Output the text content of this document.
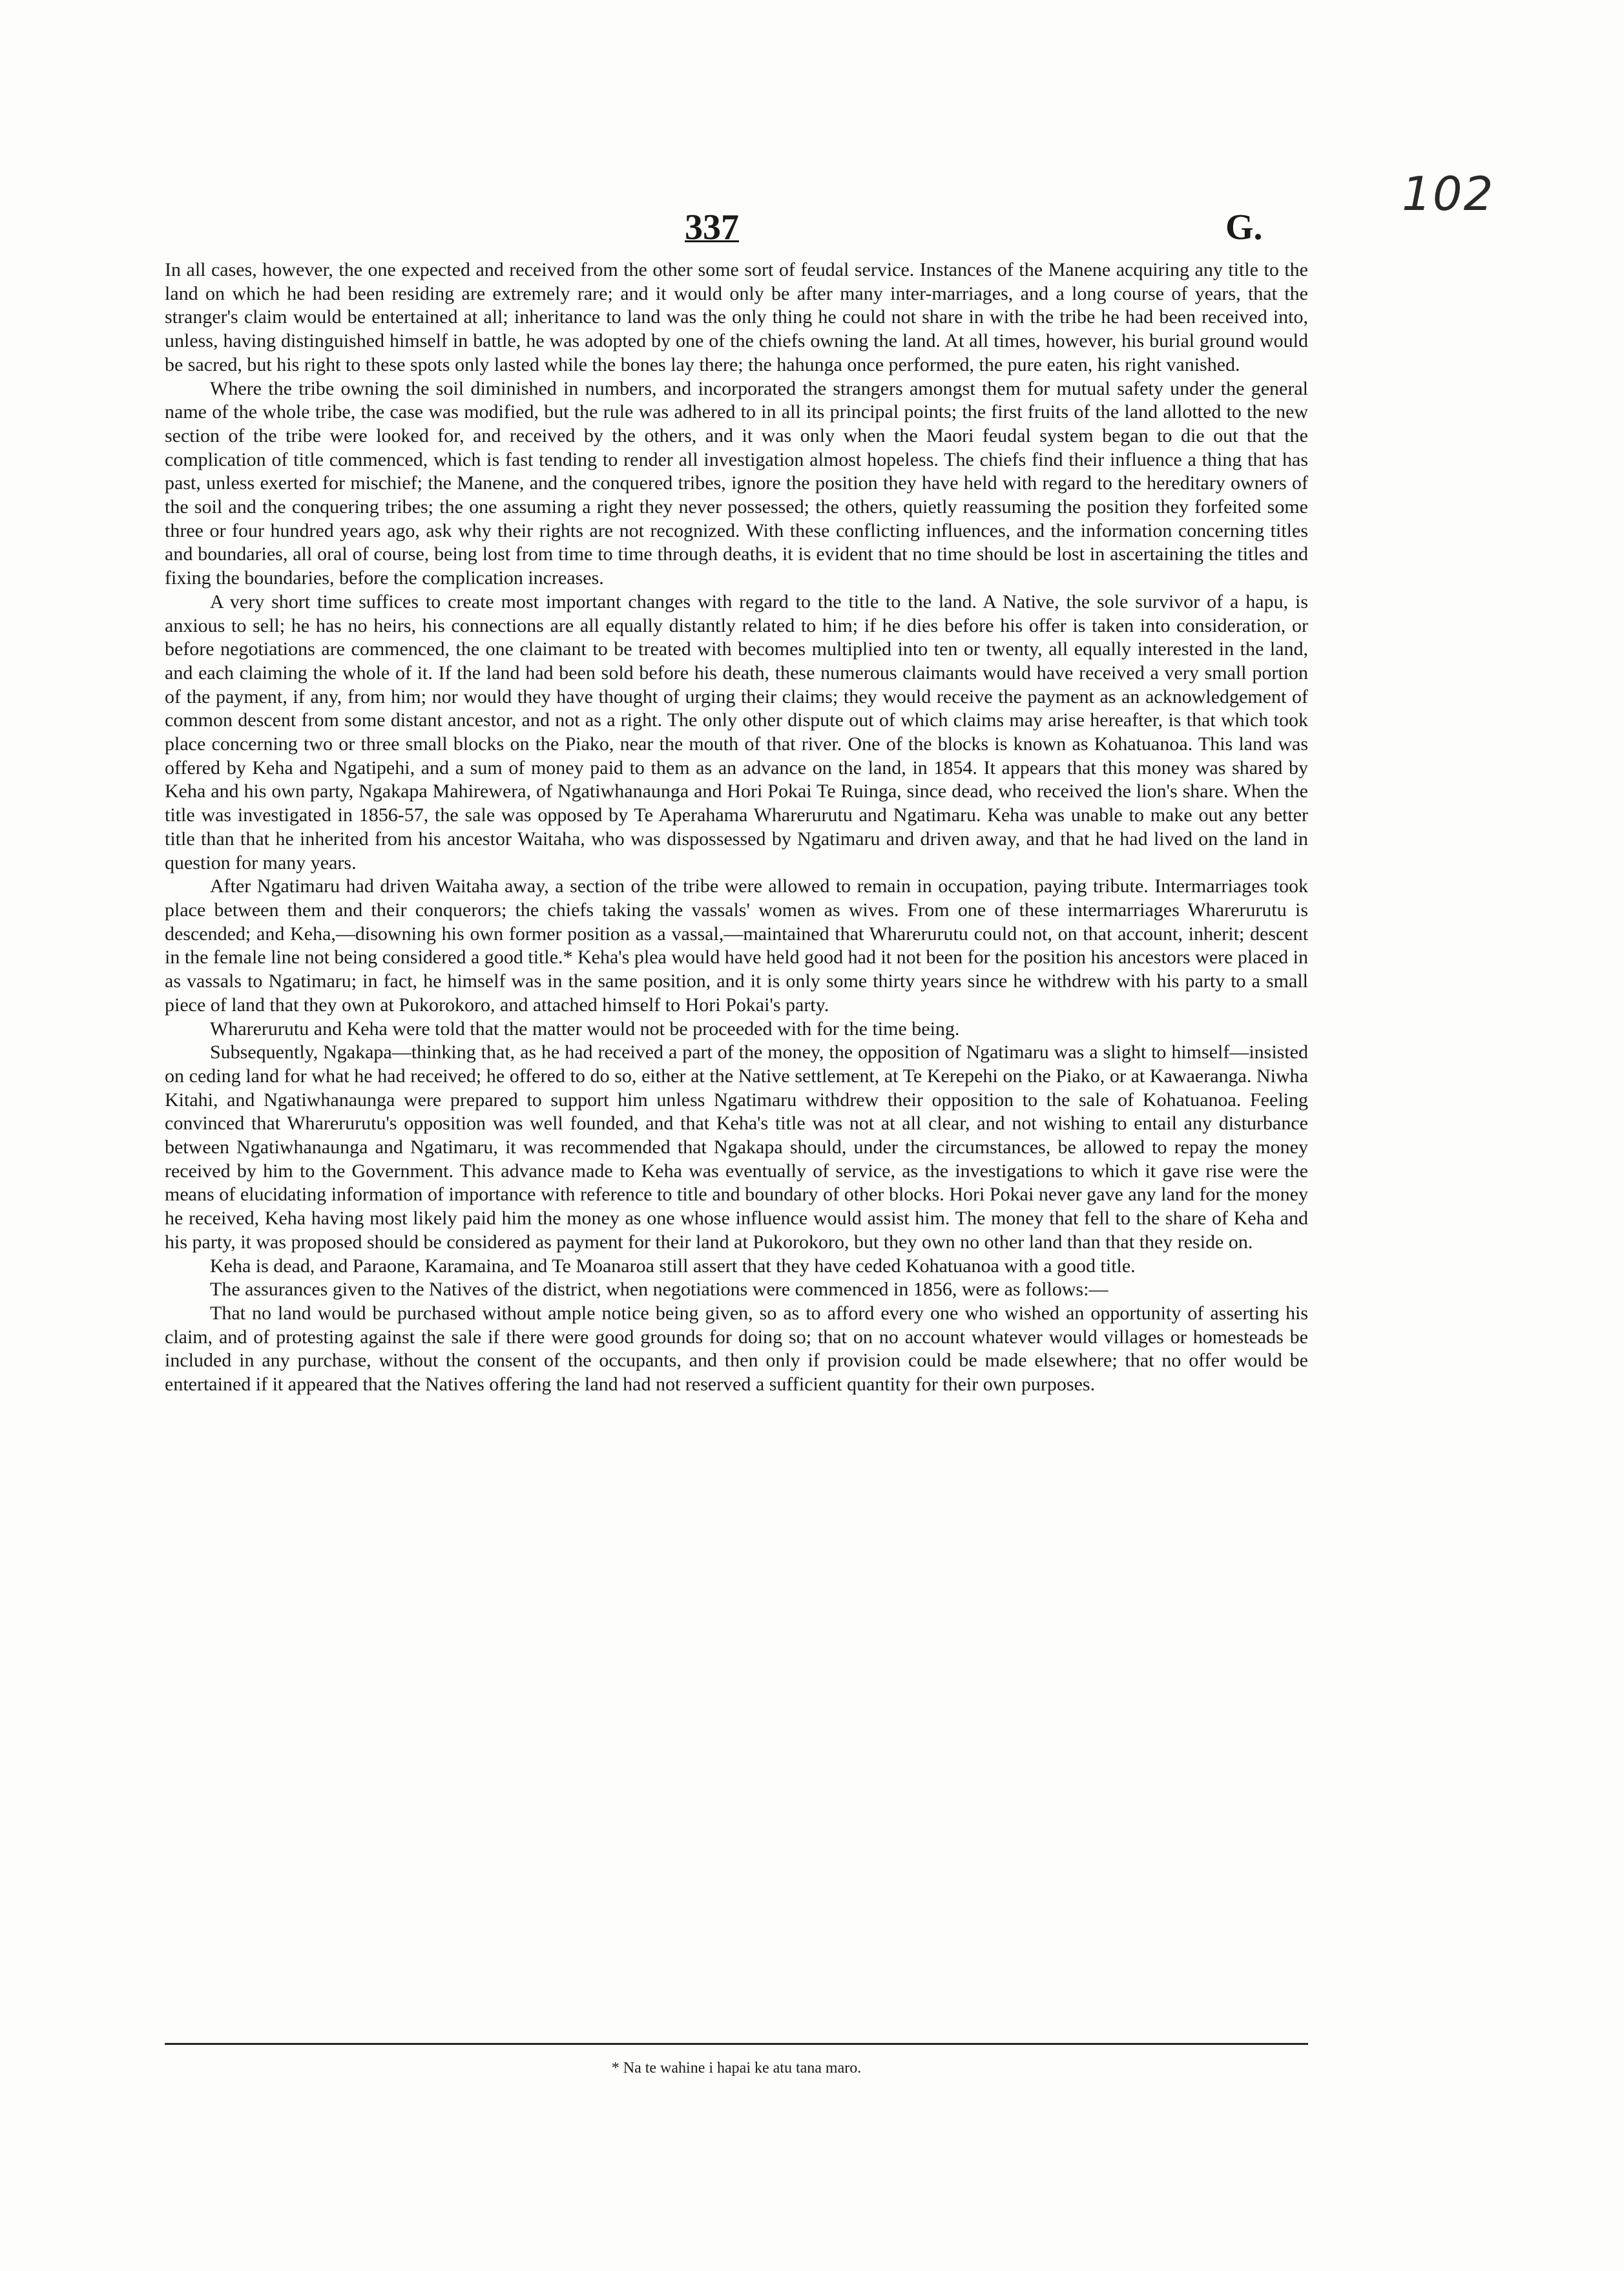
102
337	G.

In all cases, however, the one expected and received from the other some sort of feudal service. Instances of the Manene acquiring any title to the land on which he had been residing are extremely rare; and it would only be after many inter-marriages, and a long course of years, that the stranger's claim would be entertained at all; inheritance to land was the only thing he could not share in with the tribe he had been received into, unless, having distinguished himself in battle, he was adopted by one of the chiefs owning the land. At all times, however, his burial ground would be sacred, but his right to these spots only lasted while the bones lay there; the hahunga once performed, the pure eaten, his right vanished.

Where the tribe owning the soil diminished in numbers, and incorporated the strangers amongst them for mutual safety under the general name of the whole tribe, the case was modified, but the rule was adhered to in all its principal points; the first fruits of the land allotted to the new section of the tribe were looked for, and received by the others, and it was only when the Maori feudal system began to die out that the complication of title commenced, which is fast tending to render all investigation almost hopeless. The chiefs find their influence a thing that has past, unless exerted for mischief; the Manene, and the conquered tribes, ignore the position they have held with regard to the hereditary owners of the soil and the conquering tribes; the one assuming a right they never possessed; the others, quietly reassuming the position they forfeited some three or four hundred years ago, ask why their rights are not recognized. With these conflicting influences, and the information concerning titles and boundaries, all oral of course, being lost from time to time through deaths, it is evident that no time should be lost in ascertaining the titles and fixing the boundaries, before the complication increases.

A very short time suffices to create most important changes with regard to the title to the land. A Native, the sole survivor of a hapu, is anxious to sell; he has no heirs, his connections are all equally distantly related to him; if he dies before his offer is taken into consideration, or before negotiations are commenced, the one claimant to be treated with becomes multiplied into ten or twenty, all equally interested in the land, and each claiming the whole of it. If the land had been sold before his death, these numerous claimants would have received a very small portion of the payment, if any, from him; nor would they have thought of urging their claims; they would receive the payment as an acknowledgement of common descent from some distant ancestor, and not as a right. The only other dispute out of which claims may arise hereafter, is that which took place concerning two or three small blocks on the Piako, near the mouth of that river. One of the blocks is known as Kohatuanoa. This land was offered by Keha and Ngatipehi, and a sum of money paid to them as an advance on the land, in 1854. It appears that this money was shared by Keha and his own party, Ngakapa Mahirewera, of Ngatiwhanaunga and Hori Pokai Te Ruinga, since dead, who received the lion's share. When the title was investigated in 1856-57, the sale was opposed by Te Aperahama Wharerurutu and Ngatimaru. Keha was unable to make out any better title than that he inherited from his ancestor Waitaha, who was dispossessed by Ngatimaru and driven away, and that he had lived on the land in question for many years.

After Ngatimaru had driven Waitaha away, a section of the tribe were allowed to remain in occupation, paying tribute. Intermarriages took place between them and their conquerors; the chiefs taking the vassals' women as wives. From one of these intermarriages Wharerurutu is descended; and Keha,—disowning his own former position as a vassal,—maintained that Wharerurutu could not, on that account, inherit; descent in the female line not being considered a good title.* Keha's plea would have held good had it not been for the position his ancestors were placed in as vassals to Ngatimaru; in fact, he himself was in the same position, and it is only some thirty years since he withdrew with his party to a small piece of land that they own at Pukorokoro, and attached himself to Hori Pokai's party.

Wharerurutu and Keha were told that the matter would not be proceeded with for the time being.

Subsequently, Ngakapa—thinking that, as he had received a part of the money, the opposition of Ngatimaru was a slight to himself—insisted on ceding land for what he had received; he offered to do so, either at the Native settlement, at Te Kerepehi on the Piako, or at Kawaeranga. Niwha Kitahi, and Ngatiwhanaunga were prepared to support him unless Ngatimaru withdrew their opposition to the sale of Kohatuanoa. Feeling convinced that Wharerurutu's opposition was well founded, and that Keha's title was not at all clear, and not wishing to entail any disturbance between Ngatiwhanaunga and Ngatimaru, it was recommended that Ngakapa should, under the circumstances, be allowed to repay the money received by him to the Government. This advance made to Keha was eventually of service, as the investigations to which it gave rise were the means of elucidating information of importance with reference to title and boundary of other blocks. Hori Pokai never gave any land for the money he received, Keha having most likely paid him the money as one whose influence would assist him. The money that fell to the share of Keha and his party, it was proposed should be considered as payment for their land at Pukorokoro, but they own no other land than that they reside on.

Keha is dead, and Paraone, Karamaina, and Te Moanaroa still assert that they have ceded Kohatuanoa with a good title.

The assurances given to the Natives of the district, when negotiations were commenced in 1856, were as follows:—

That no land would be purchased without ample notice being given, so as to afford every one who wished an opportunity of asserting his claim, and of protesting against the sale if there were good grounds for doing so; that on no account whatever would villages or homesteads be included in any purchase, without the consent of the occupants, and then only if provision could be made elsewhere; that no offer would be entertained if it appeared that the Natives offering the land had not reserved a sufficient quantity for their own purposes.

* Na te wahine i hapai ke atu tana maro.
